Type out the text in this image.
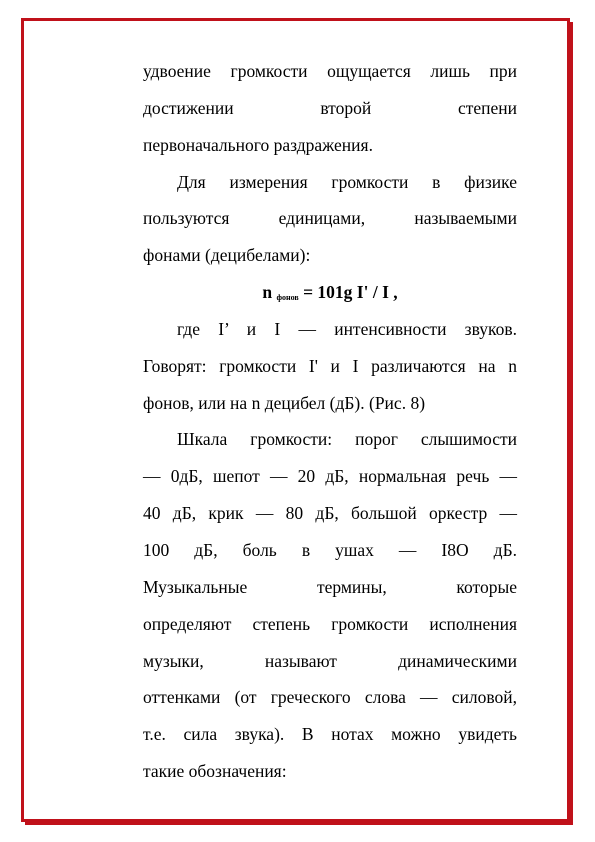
удвоение громкости ощущается лишь при
достижении второй степени
первоначального раздражения.
Для измерения громкости в физике
пользуются единицами, называемыми
фонами (децибелами):
n $_{фонов}$ = 101g I' / I ,
где I’ и I — интенсивности звуков.
Говорят: громкости I' и I различаются на n
фонов, или на n децибел (дБ). (Рис. 8)
Шкала громкости: порог слышимости
— 0дБ, шепот — 20 дБ, нормальная речь —
40 дБ, крик — 80 дБ, большой оркестр —
100 дБ, боль в ушах — I8O дБ.
Музыкальные термины, которые
определяют степень громкости исполнения
музыки, называют динамическими
оттенками (от греческого слова — силовой,
т.е. сила звука). В нотах можно увидеть
такие обозначения:
